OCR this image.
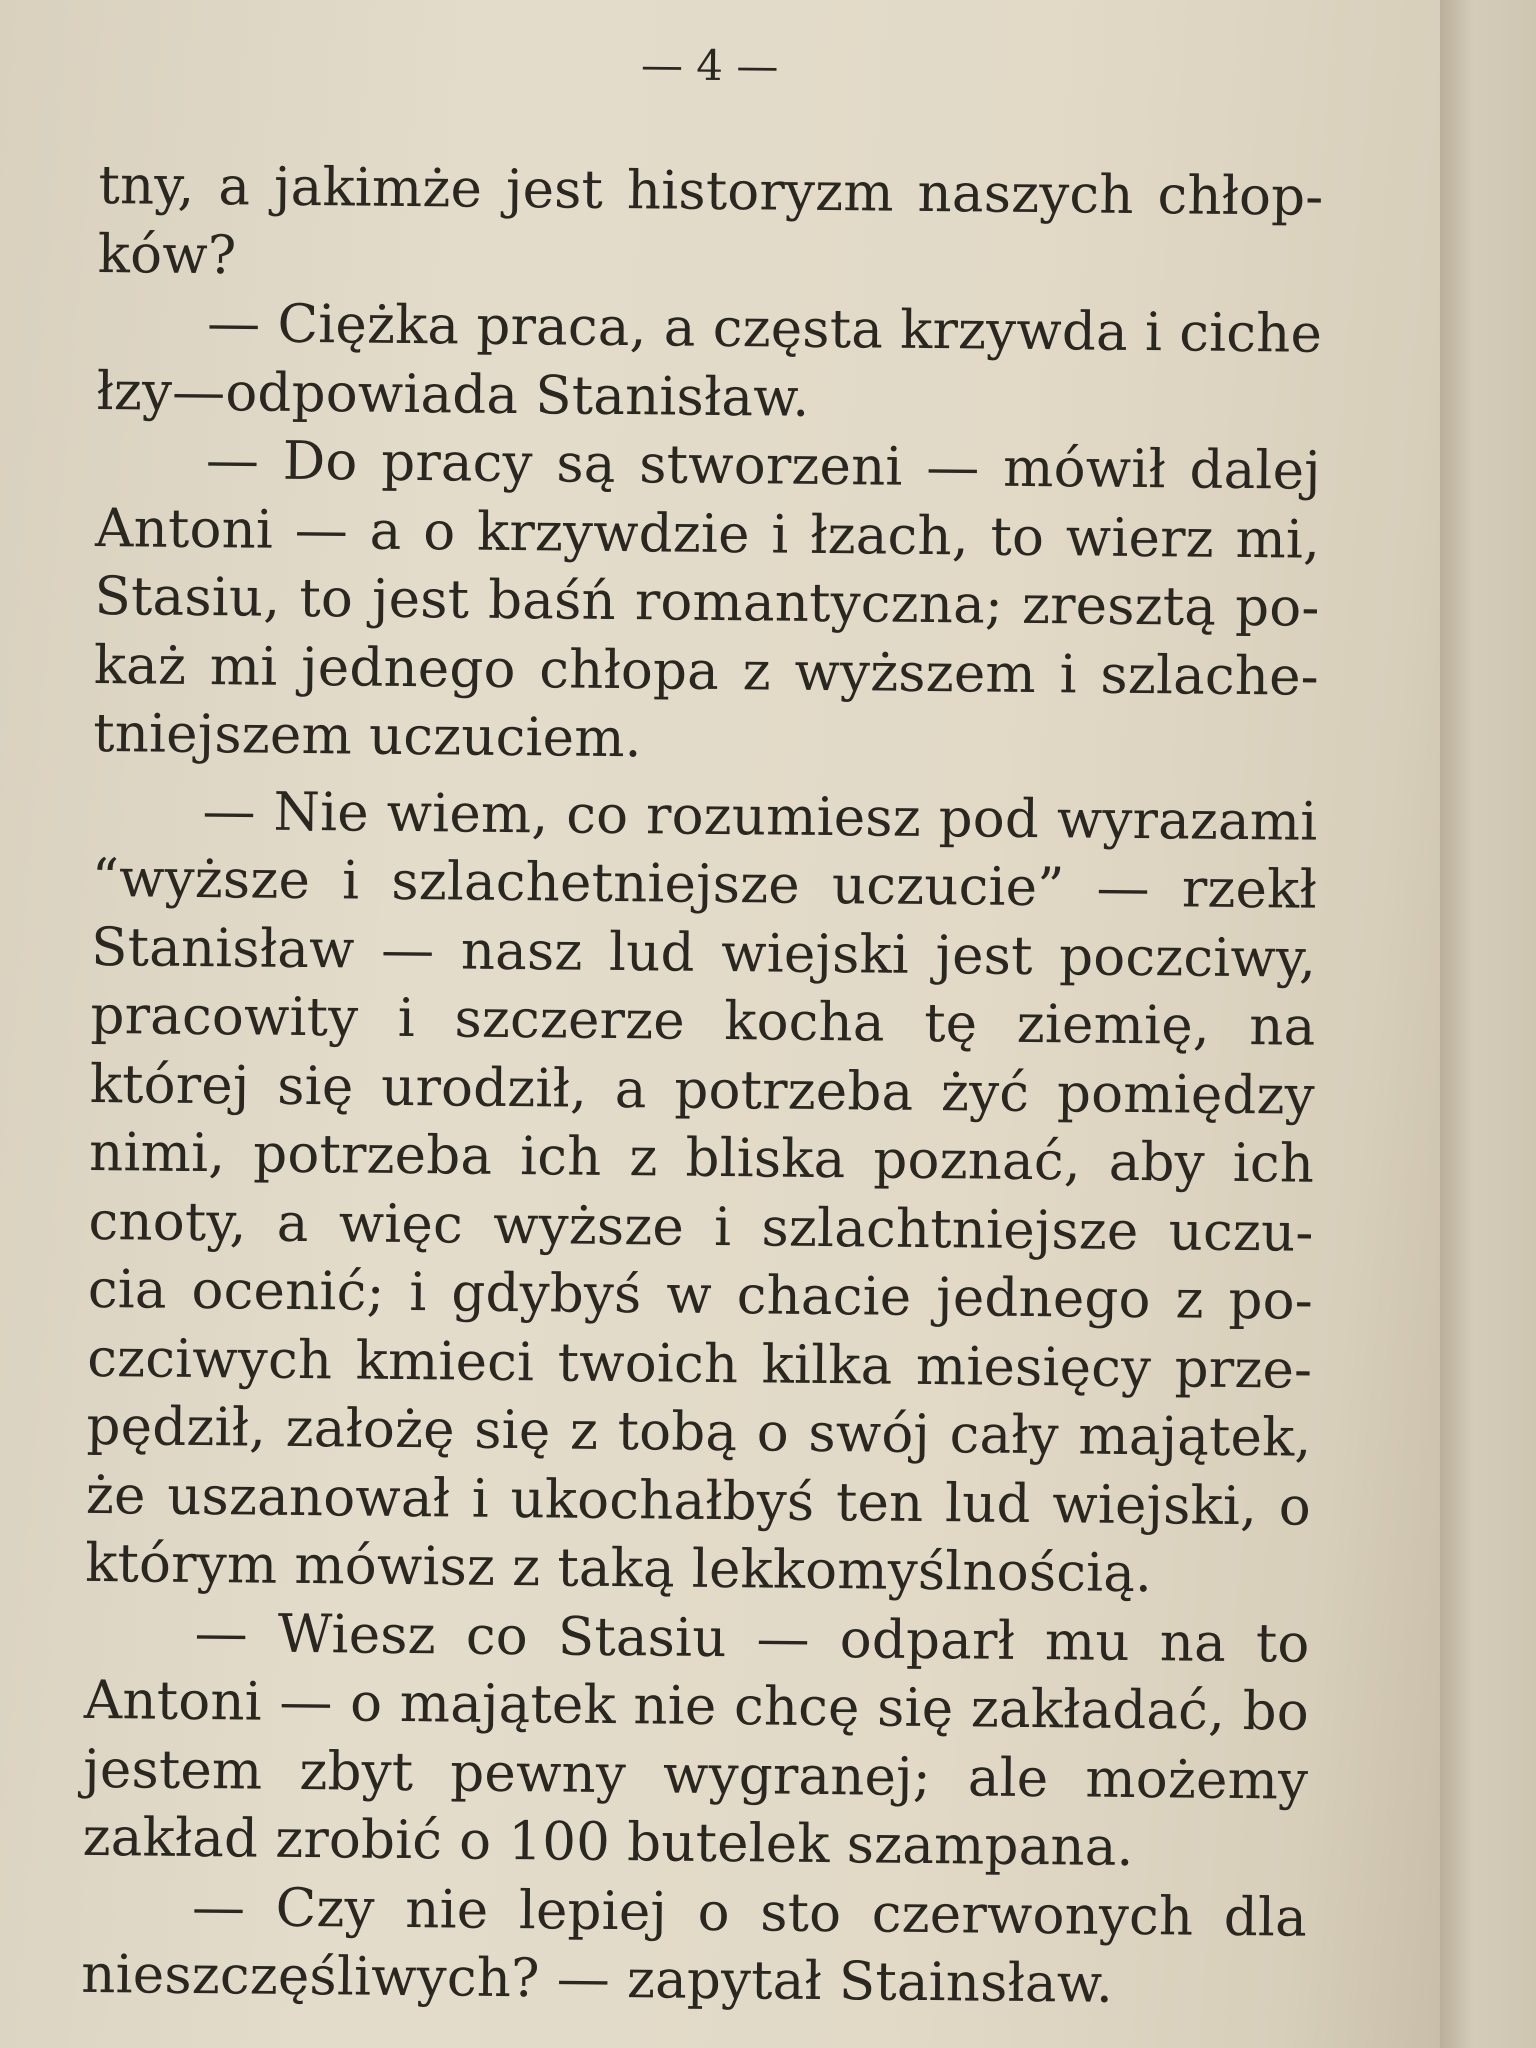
— 4 —
tny, a jakimże jest historyzm naszych chłop-
ków?
— Ciężka praca, a częsta krzywda i ciche
łzy—odpowiada Stanisław.
— Do pracy są stworzeni — mówił dalej
Antoni — a o krzywdzie i łzach, to wierz mi,
Stasiu, to jest baśń romantyczna; zresztą po-
każ mi jednego chłopa z wyższem i szlache-
tniejszem uczuciem.
— Nie wiem, co rozumiesz pod wyrazami
“wyższe i szlachetniejsze uczucie” — rzekł
Stanisław — nasz lud wiejski jest poczciwy,
pracowity i szczerze kocha tę ziemię, na
której się urodził, a potrzeba żyć pomiędzy
nimi, potrzeba ich z bliska poznać, aby ich
cnoty, a więc wyższe i szlachtniejsze uczu-
cia ocenić; i gdybyś w chacie jednego z po-
czciwych kmieci twoich kilka miesięcy prze-
pędził, założę się z tobą o swój cały majątek,
że uszanował i ukochałbyś ten lud wiejski, o
którym mówisz z taką lekkomyślnością.
— Wiesz co Stasiu — odparł mu na to
Antoni — o majątek nie chcę się zakładać, bo
jestem zbyt pewny wygranej; ale możemy
zakład zrobić o 100 butelek szampana.
— Czy nie lepiej o sto czerwonych dla
nieszczęśliwych? — zapytał Stainsław.
